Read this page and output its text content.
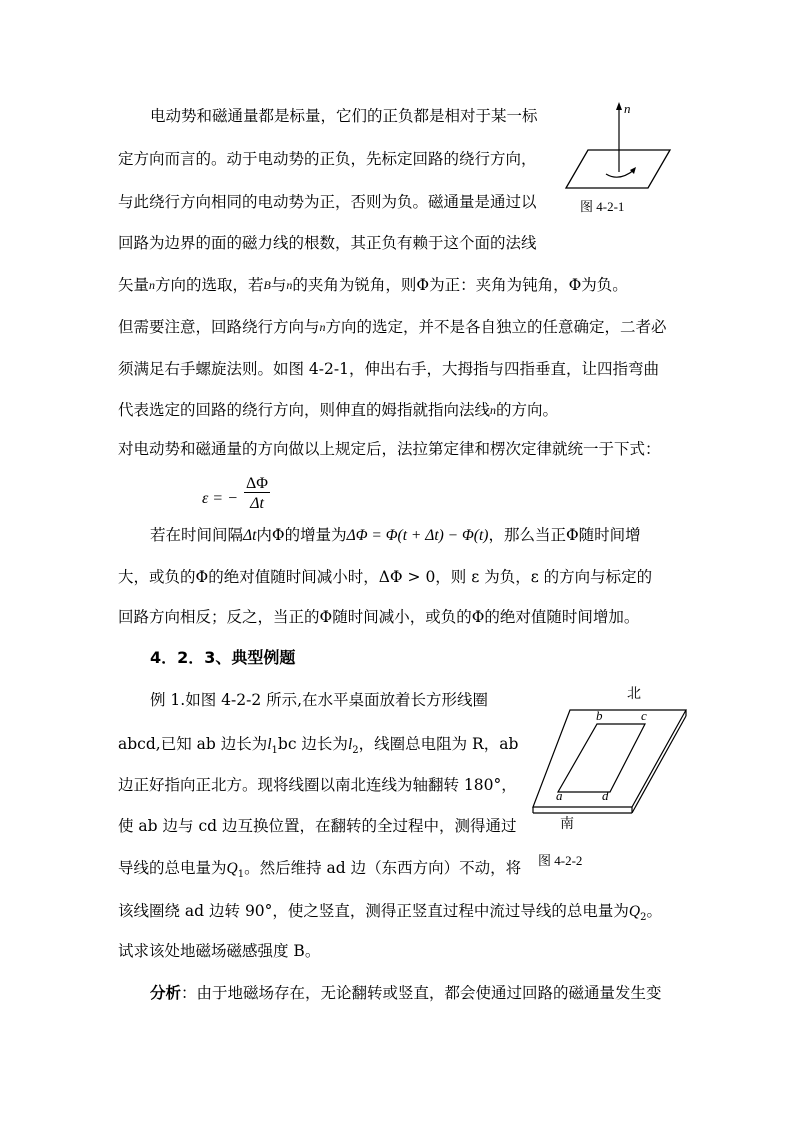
电动势和磁通量都是标量，它们的正负都是相对于某一标
定方向而言的。动于电动势的正负，先标定回路的绕行方向，
与此绕行方向相同的电动势为正，否则为负。磁通量是通过以
回路为边界的面的磁力线的根数，其正负有赖于这个面的法线
矢量n方向的选取，若B与n的夹角为锐角，则Φ为正：夹角为钝角，Φ为负。
但需要注意，回路绕行方向与n方向的选定，并不是各自独立的任意确定，二者必
须满足右手螺旋法则。如图 4-2-1，伸出右手，大拇指与四指垂直，让四指弯曲
代表选定的回路的绕行方向，则伸直的姆指就指向法线n的方向。
对电动势和磁通量的方向做以上规定后，法拉第定律和楞次定律就统一于下式：
ε = −
ΔΦ
Δt
若在时间间隔Δt内Φ的增量为ΔΦ = Φ(t + Δt) − Φ(t)，那么当正Φ随时间增
大，或负的Φ的绝对值随时间减小时，ΔΦ > 0，则 ε 为负，ε 的方向与标定的
回路方向相反；反之，当正的Φ随时间减小，或负的Φ的绝对值随时间增加。
4．2．3、典型例题
例 1.如图 4-2-2 所示,在水平桌面放着长方形线圈
abcd,已知 ab 边长为$l_1bc$ 边长为$l_2$，线圈总电阻为 R，ab
边正好指向正北方。现将线圈以南北连线为轴翻转 180°，
使 ab 边与 cd 边互换位置，在翻转的全过程中，测得通过
导线的总电量为$Q_1$。然后维持 ad 边（东西方向）不动，将
该线圈绕 ad 边转 90°，使之竖直，测得正竖直过程中流过导线的总电量为$Q_2$。
试求该处地磁场磁感强度 B。
分析：由于地磁场存在，无论翻转或竖直，都会使通过回路的磁通量发生变
n
图 4-2-1
b	c
a	d
北
南
图 4-2-2
